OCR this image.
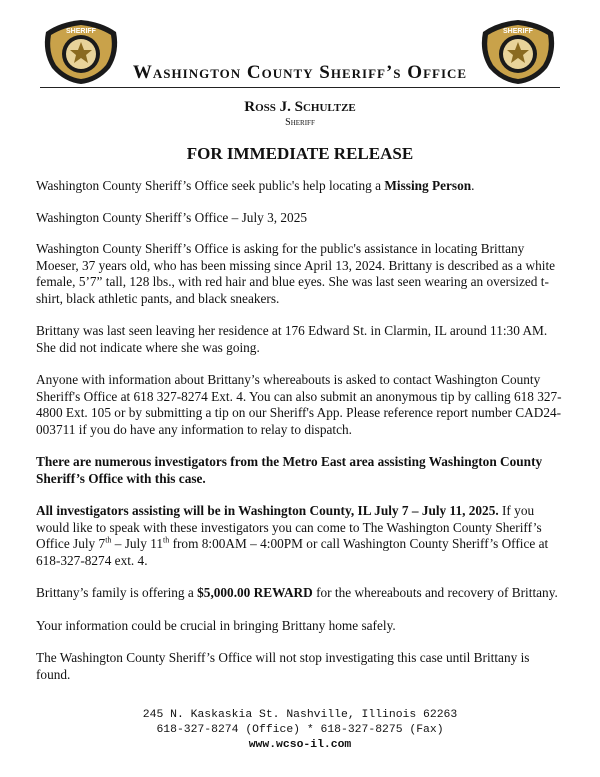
SHERIFF	SHERIFF
Washington County Sheriff’s Office
Ross J. Schultze
Sheriff
FOR IMMEDIATE RELEASE

Washington County Sheriff’s Office seek public's help locating a Missing Person.

Washington County Sheriff’s Office – July 3, 2025

Washington County Sheriff’s Office is asking for the public's assistance in locating Brittany Moeser, 37 years old, who has been missing since April 13, 2024. Brittany is described as a white female, 5’7” tall, 128 lbs., with red hair and blue eyes. She was last seen wearing an oversized t-shirt, black athletic pants, and black sneakers.

Brittany was last seen leaving her residence at 176 Edward St. in Clarmin, IL around 11:30 AM. She did not indicate where she was going.

Anyone with information about Brittany’s whereabouts is asked to contact Washington County Sheriff's Office at 618 327-8274 Ext. 4. You can also submit an anonymous tip by calling 618 327-4800 Ext. 105 or by submitting a tip on our Sheriff's App. Please reference report number CAD24-003711 if you do have any information to relay to dispatch.

There are numerous investigators from the Metro East area assisting Washington County Sheriff’s Office with this case.

All investigators assisting will be in Washington County, IL July 7 – July 11, 2025. If you would like to speak with these investigators you can come to The Washington County Sheriff’s Office July 7th – July 11th from 8:00AM – 4:00PM or call Washington County Sheriff’s Office at 618-327-8274 ext. 4.

Brittany’s family is offering a $5,000.00 REWARD for the whereabouts and recovery of Brittany.

Your information could be crucial in bringing Brittany home safely.

The Washington County Sheriff’s Office will not stop investigating this case until Brittany is found.

245 N. Kaskaskia St. Nashville, Illinois 62263
618-327-8274 (Office) * 618-327-8275 (Fax)
www.wcso-il.com
